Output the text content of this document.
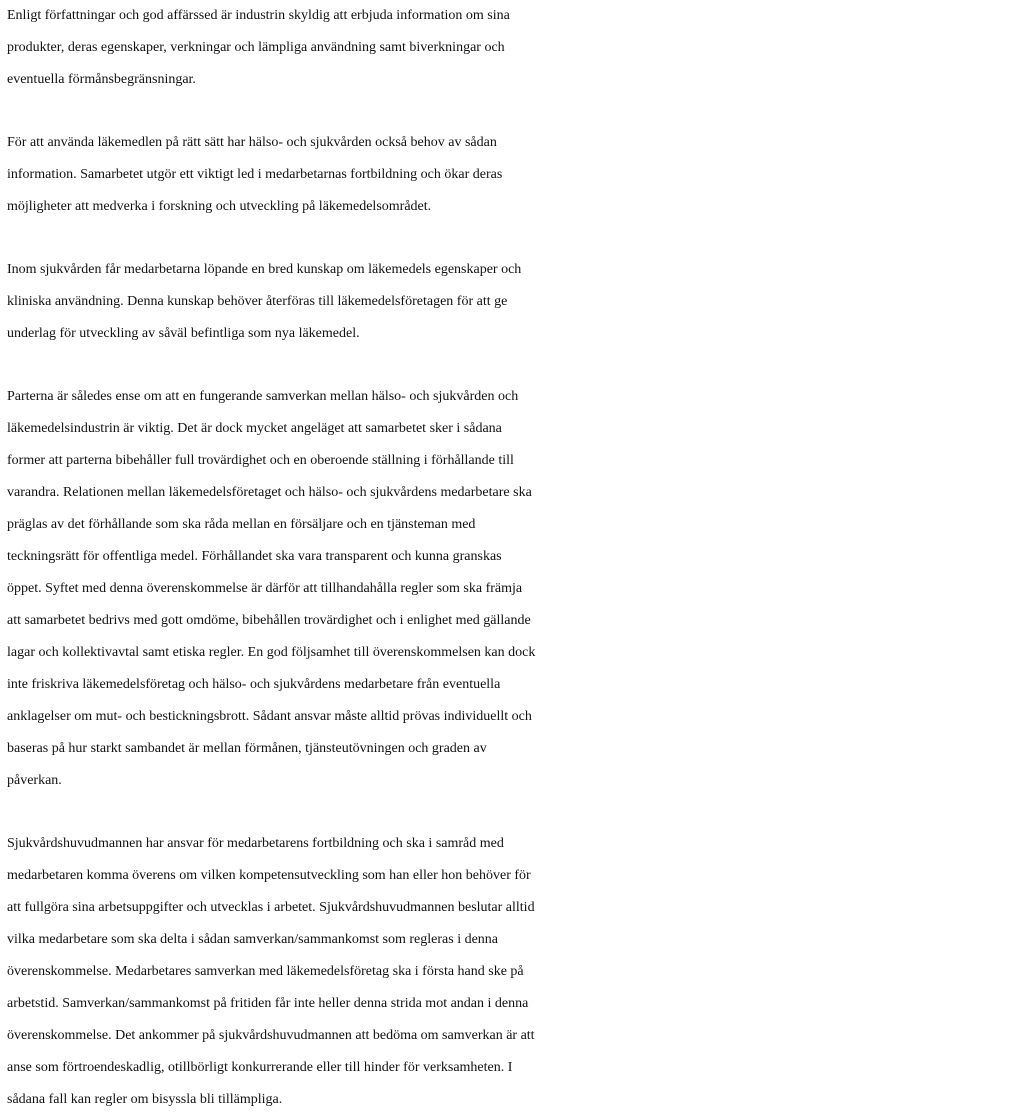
Enligt författningar och god affärssed är industrin skyldig att erbjuda information om sina
produkter, deras egenskaper, verkningar och lämpliga användning samt biverkningar och
eventuella förmånsbegränsningar.
För att använda läkemedlen på rätt sätt har hälso- och sjukvården också behov av sådan
information. Samarbetet utgör ett viktigt led i medarbetarnas fortbildning och ökar deras
möjligheter att medverka i forskning och utveckling på läkemedelsområdet.
Inom sjukvården får medarbetarna löpande en bred kunskap om läkemedels egenskaper och
kliniska användning. Denna kunskap behöver återföras till läkemedelsföretagen för att ge
underlag för utveckling av såväl befintliga som nya läkemedel.
Parterna är således ense om att en fungerande samverkan mellan hälso- och sjukvården och
läkemedelsindustrin är viktig. Det är dock mycket angeläget att samarbetet sker i sådana
former att parterna bibehåller full trovärdighet och en oberoende ställning i förhållande till
varandra. Relationen mellan läkemedelsföretaget och hälso- och sjukvårdens medarbetare ska
präglas av det förhållande som ska råda mellan en försäljare och en tjänsteman med
teckningsrätt för offentliga medel. Förhållandet ska vara transparent och kunna granskas
öppet. Syftet med denna överenskommelse är därför att tillhandahålla regler som ska främja
att samarbetet bedrivs med gott omdöme, bibehållen trovärdighet och i enlighet med gällande
lagar och kollektivavtal samt etiska regler. En god följsamhet till överenskommelsen kan dock
inte friskriva läkemedelsföretag och hälso- och sjukvårdens medarbetare från eventuella
anklagelser om mut- och bestickningsbrott. Sådant ansvar måste alltid prövas individuellt och
baseras på hur starkt sambandet är mellan förmånen, tjänsteutövningen och graden av
påverkan.
Sjukvårdshuvudmannen har ansvar för medarbetarens fortbildning och ska i samråd med
medarbetaren komma överens om vilken kompetensutveckling som han eller hon behöver för
att fullgöra sina arbetsuppgifter och utvecklas i arbetet. Sjukvårdshuvudmannen beslutar alltid
vilka medarbetare som ska delta i sådan samverkan/sammankomst som regleras i denna
överenskommelse. Medarbetares samverkan med läkemedelsföretag ska i första hand ske på
arbetstid. Samverkan/sammankomst på fritiden får inte heller denna strida mot andan i denna
överenskommelse. Det ankommer på sjukvårdshuvudmannen att bedöma om samverkan är att
anse som förtroendeskadlig, otillbörligt konkurrerande eller till hinder för verksamheten. I
sådana fall kan regler om bisyssla bli tillämpliga.
